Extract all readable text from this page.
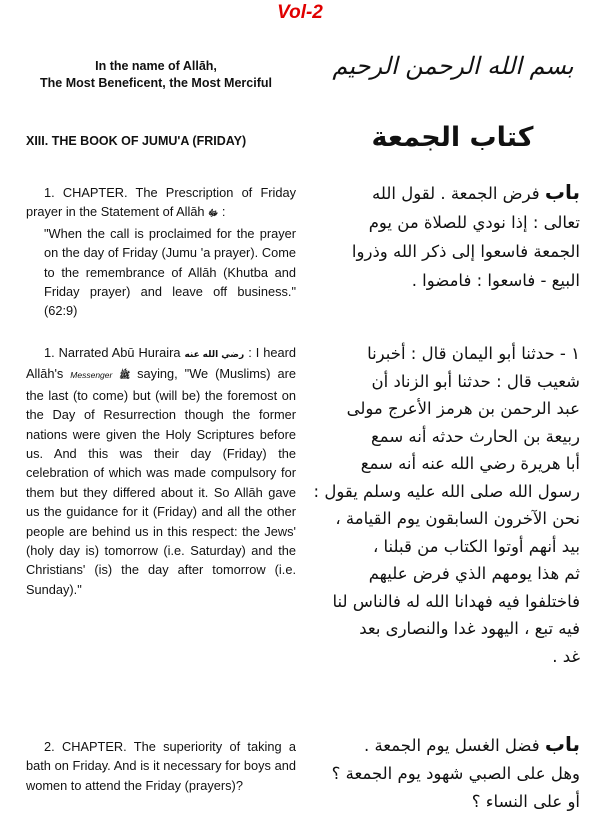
Vol-2
In the name of Allāh,
The Most Beneficent, the Most Merciful
بسم الله الرحمن الرحيم
XIII. THE BOOK OF JUMU'A (FRIDAY)	كتاب الجمعة

1. CHAPTER. The Prescription of Friday prayer in the Statement of Allāh ﷻ :

"When the call is proclaimed for the prayer on the day of Friday (Jumu 'a prayer). Come to the remembrance of Allāh (Khutba and Friday prayer) and leave off business." (62:9)

باب فرض الجمعة . لقول الله
تعالى : إذا نودي للصلاة من يوم
الجمعة فاسعوا إلى ذكر الله وذروا
البيع - فاسعوا : فامضوا .

1. Narrated Abū Huraira رضي الله عنه : I heard Allāh's Messenger ﷺ saying, "We (Muslims) are the last (to come) but (will be) the foremost on the Day of Resurrection though the former nations were given the Holy Scriptures before us. And this was their day (Friday) the celebration of which was made compulsory for them but they differed about it. So Allāh gave us the guidance for it (Friday) and all the other people are behind us in this respect: the Jews' (holy day is) tomorrow (i.e. Saturday) and the Christians' (is) the day after tomorrow (i.e. Sunday)."

١ - حدثنا أبو اليمان قال : أخبرنا
شعيب قال : حدثنا أبو الزناد أن
عبد الرحمن بن هرمز الأعرج مولى
ربيعة بن الحارث حدثه أنه سمع
أبا هريرة رضي الله عنه أنه سمع
رسول الله صلى الله عليه وسلم يقول :
نحن الآخرون السابقون يوم القيامة ،
بيد أنهم أوتوا الكتاب من قبلنا ،
ثم هذا يومهم الذي فرض عليهم
فاختلفوا فيه فهدانا الله له فالناس لنا
فيه تبع ، اليهود غدا والنصارى بعد
غد .

2. CHAPTER. The superiority of taking a bath on Friday. And is it necessary for boys and women to attend the Friday (prayers)?

باب فضل الغسل يوم الجمعة .
وهل على الصبي شهود يوم الجمعة ؟
أو على النساء ؟
